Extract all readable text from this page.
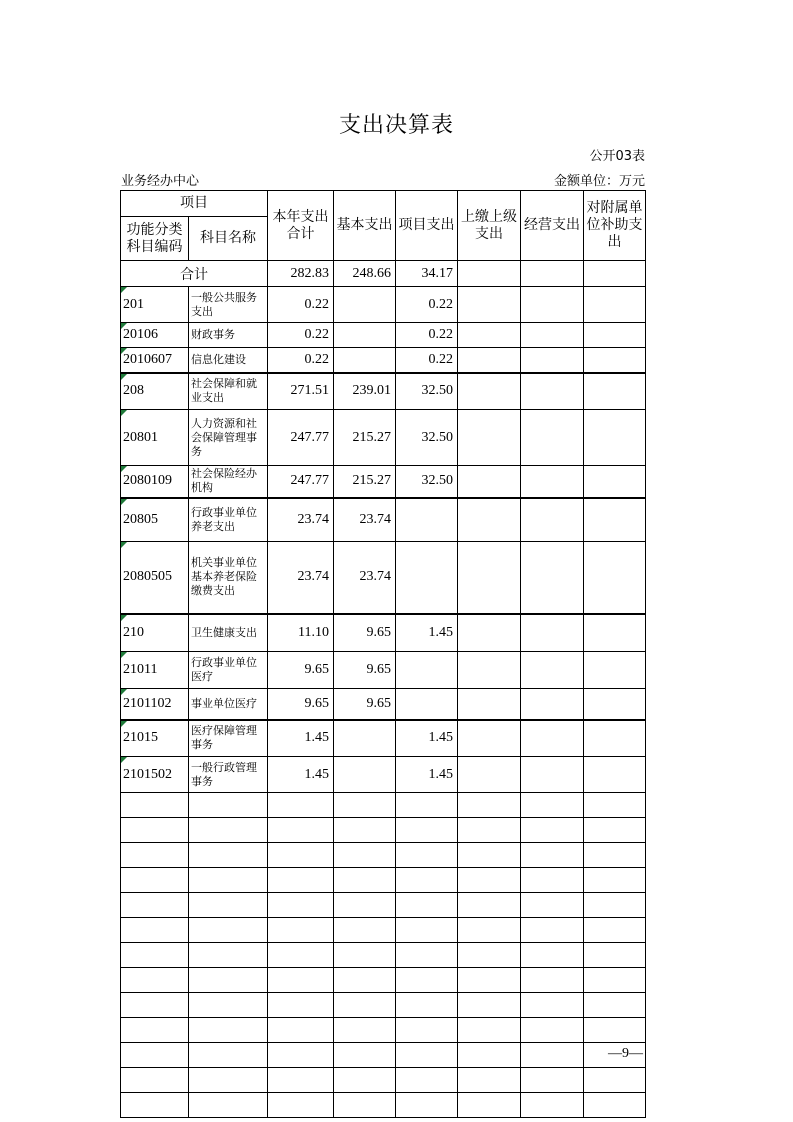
支出决算表
公开03表
业务经办中心	金额单位：万元
项目		本年支出合计	基本支出	项目支出	上缴上级支出	经营支出	对附属单位补助支出
功能分类科目编码	科目名称						

合计		282.83	248.66	34.17			
201	一般公共服务支出	0.22		0.22			
20106	财政事务	0.22		0.22			
2010607	信息化建设	0.22		0.22			
208	社会保障和就业支出	271.51	239.01	32.50			
20801	人力资源和社会保障管理事务	247.77	215.27	32.50			
2080109	社会保险经办机构	247.77	215.27	32.50			
20805	行政事业单位养老支出	23.74	23.74				
2080505	机关事业单位基本养老保险缴费支出	23.74	23.74				
210	卫生健康支出	11.10	9.65	1.45			
21011	行政事业单位医疗	9.65	9.65				
2101102	事业单位医疗	9.65	9.65				
21015	医疗保障管理事务	1.45		1.45			
2101502	一般行政管理事务	1.45		1.45			

—9—
